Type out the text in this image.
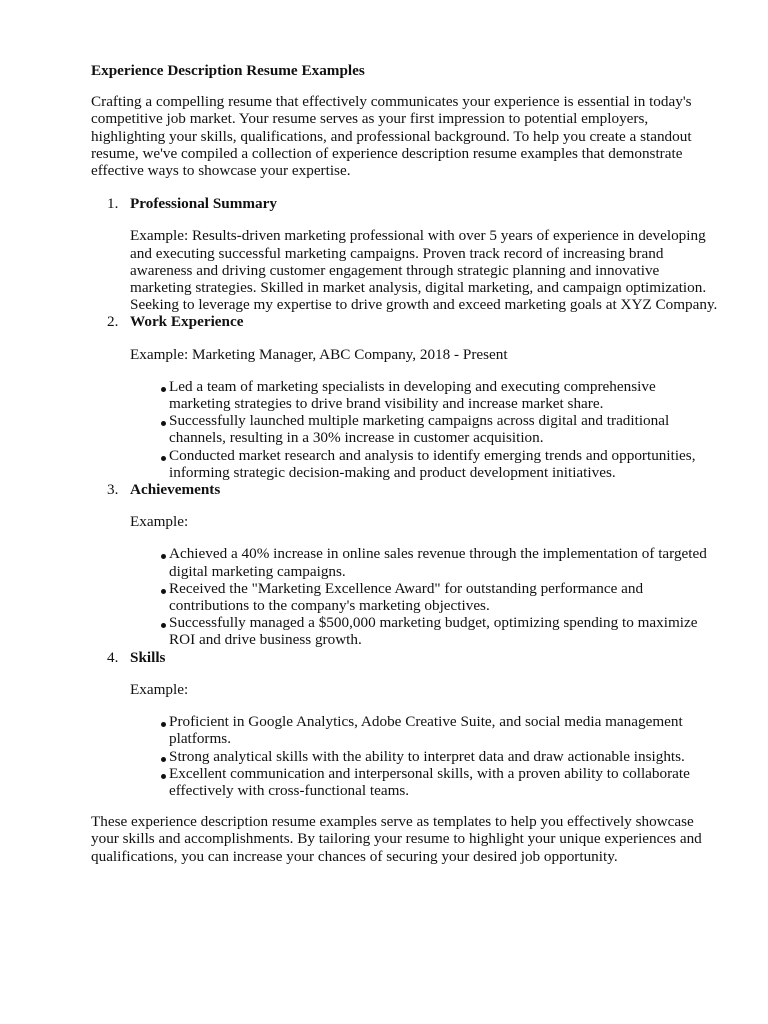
Experience Description Resume Examples

Crafting a compelling resume that effectively communicates your experience is essential in today's competitive job market. Your resume serves as your first impression to potential employers, highlighting your skills, qualifications, and professional background. To help you create a standout resume, we've compiled a collection of experience description resume examples that demonstrate effective ways to showcase your expertise.

Professional Summary

Example: Results-driven marketing professional with over 5 years of experience in developing and executing successful marketing campaigns. Proven track record of increasing brand awareness and driving customer engagement through strategic planning and innovative marketing strategies. Skilled in market analysis, digital marketing, and campaign optimization. Seeking to leverage my expertise to drive growth and exceed marketing goals at XYZ Company.

Work Experience

Example: Marketing Manager, ABC Company, 2018 - Present

Led a team of marketing specialists in developing and executing comprehensive marketing strategies to drive brand visibility and increase market share.
Successfully launched multiple marketing campaigns across digital and traditional channels, resulting in a 30% increase in customer acquisition.
Conducted market research and analysis to identify emerging trends and opportunities, informing strategic decision-making and product development initiatives.
Achievements

Example:

Achieved a 40% increase in online sales revenue through the implementation of targeted digital marketing campaigns.
Received the "Marketing Excellence Award" for outstanding performance and contributions to the company's marketing objectives.
Successfully managed a $500,000 marketing budget, optimizing spending to maximize ROI and drive business growth.
Skills

Example:

Proficient in Google Analytics, Adobe Creative Suite, and social media management platforms.
Strong analytical skills with the ability to interpret data and draw actionable insights.
Excellent communication and interpersonal skills, with a proven ability to collaborate effectively with cross-functional teams.

These experience description resume examples serve as templates to help you effectively showcase your skills and accomplishments. By tailoring your resume to highlight your unique experiences and qualifications, you can increase your chances of securing your desired job opportunity.
